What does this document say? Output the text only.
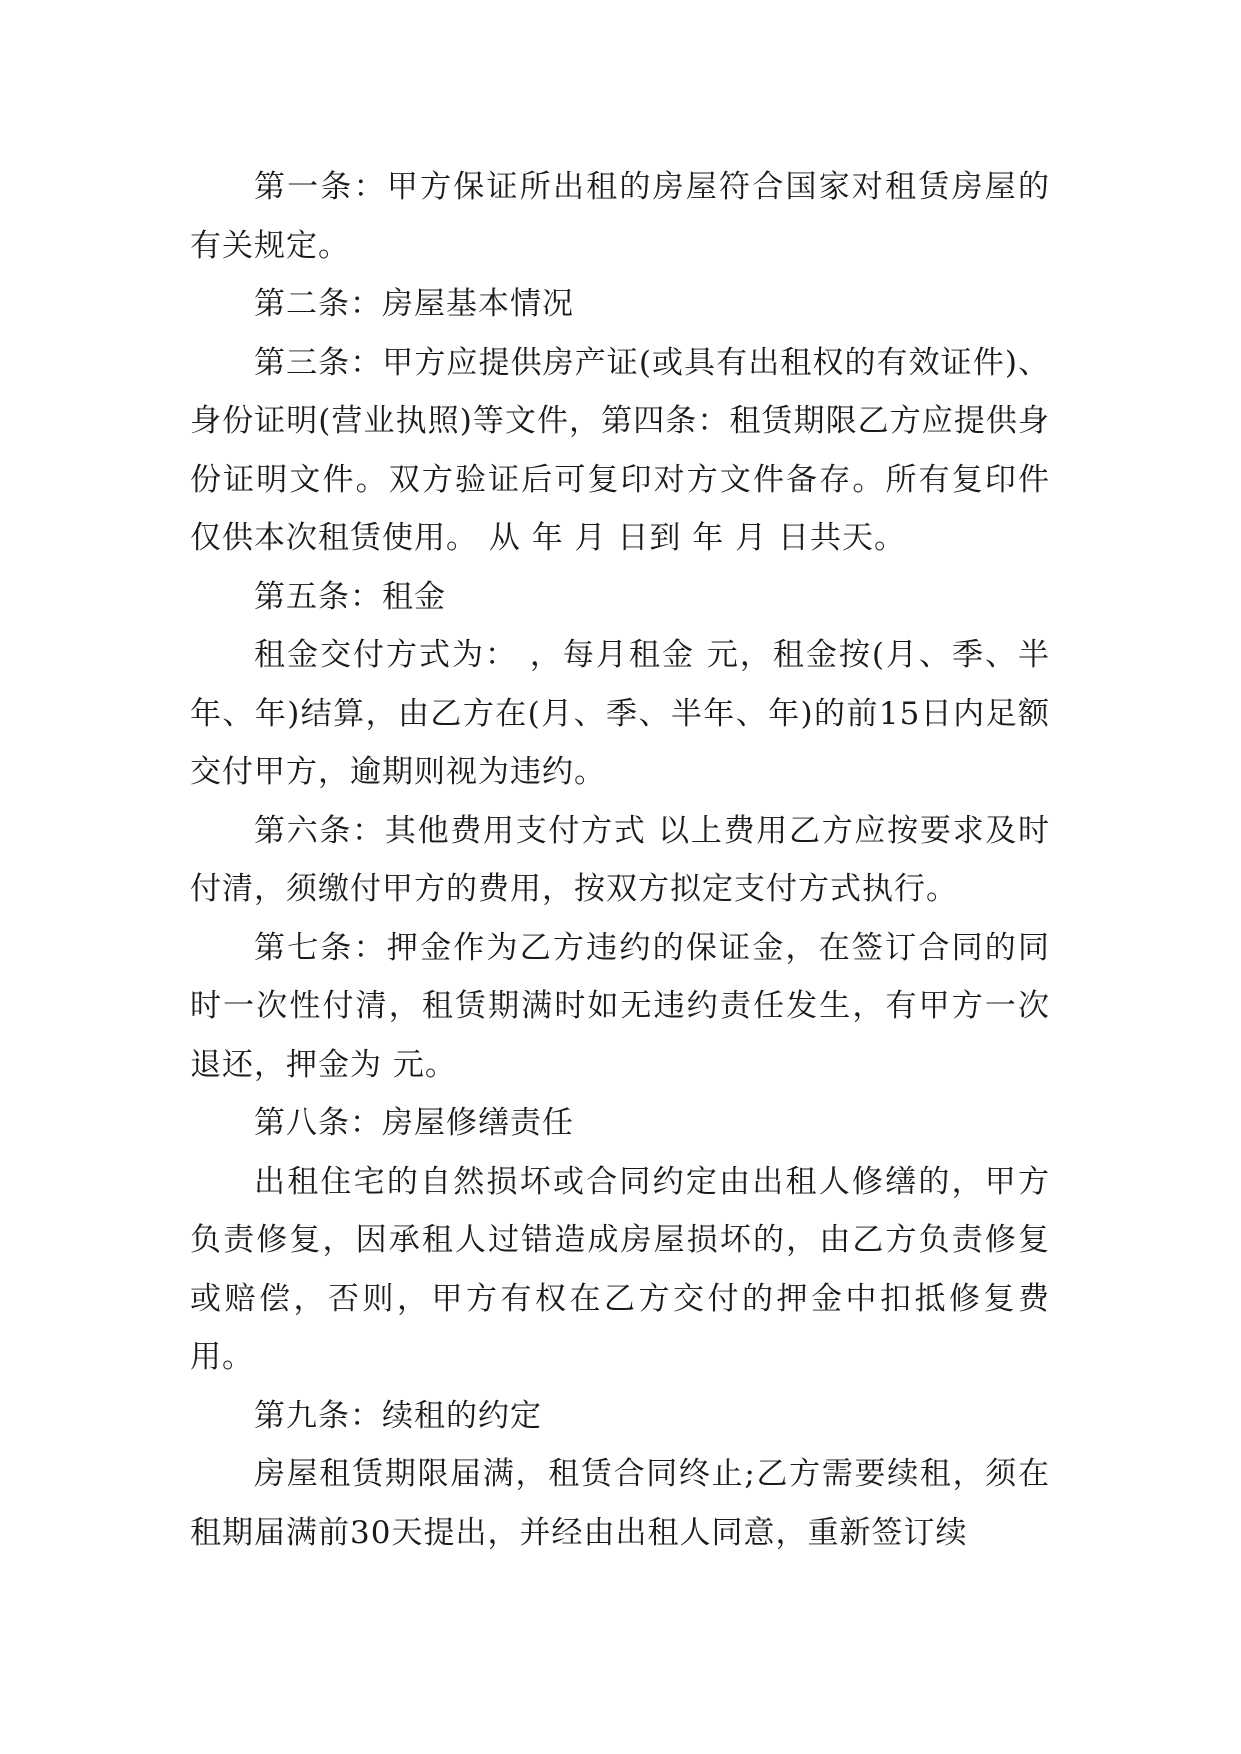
第一条：甲方保证所出租的房屋符合国家对租赁房屋的有关规定。

第二条：房屋基本情况

第三条：甲方应提供房产证(或具有出租权的有效证件)、身份证明(营业执照)等文件，第四条：租赁期限乙方应提供身份证明文件。双方验证后可复印对方文件备存。所有复印件仅供本次租赁使用。 从 年 月 日到 年 月 日共天。

第五条：租金

租金交付方式为： ，每月租金 元，租金按(月、季、半年、年)结算，由乙方在(月、季、半年、年)的前15日内足额交付甲方，逾期则视为违约。

第六条：其他费用支付方式 以上费用乙方应按要求及时付清，须缴付甲方的费用，按双方拟定支付方式执行。

第七条：押金作为乙方违约的保证金，在签订合同的同时一次性付清，租赁期满时如无违约责任发生，有甲方一次退还，押金为 元。

第八条：房屋修缮责任

出租住宅的自然损坏或合同约定由出租人修缮的，甲方负责修复，因承租人过错造成房屋损坏的，由乙方负责修复或赔偿，否则，甲方有权在乙方交付的押金中扣抵修复费用。

第九条：续租的约定

房屋租赁期限届满，租赁合同终止;乙方需要续租，须在租期届满前30天提出，并经由出租人同意，重新签订续
